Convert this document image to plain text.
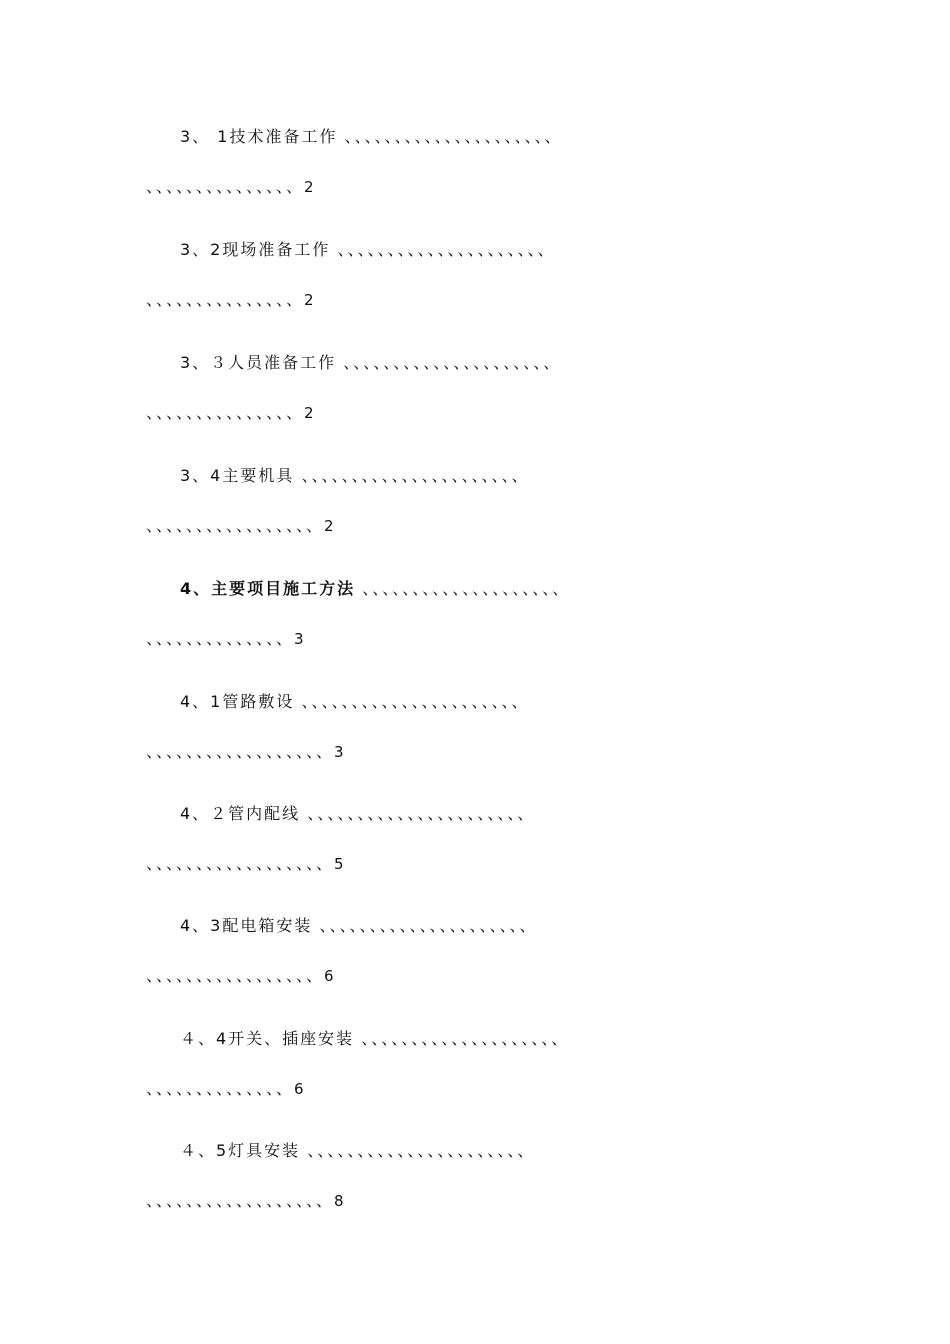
3、 1技术准备工作 、、、、、、、、、、、、、、、、、、、、、
、、、、、、、、、、、、、、、2
3、2现场准备工作 、、、、、、、、、、、、、、、、、、、、、
、、、、、、、、、、、、、、、2
3、３人员准备工作 、、、、、、、、、、、、、、、、、、、、、
、、、、、、、、、、、、、、、2
3、4主要机具 、、、、、、、、、、、、、、、、、、、、、、
、、、、、、、、、、、、、、、、、2
4、主要项目施工方法 、、、、、、、、、、、、、、、、、、、、
、、、、、、、、、、、、、、3
4、1管路敷设 、、、、、、、、、、、、、、、、、、、、、、
、、、、、、、、、、、、、、、、、、3
4、２管内配线 、、、、、、、、、、、、、、、、、、、、、、
、、、、、、、、、、、、、、、、、、5
4、3配电箱安装 、、、、、、、、、、、、、、、、、、、、、
、、、、、、、、、、、、、、、、、6
４、4开关、插座安装 、、、、、、、、、、、、、、、、、、、、
、、、、、、、、、、、、、、6
４、5灯具安装 、、、、、、、、、、、、、、、、、、、、、、
、、、、、、、、、、、、、、、、、、8
